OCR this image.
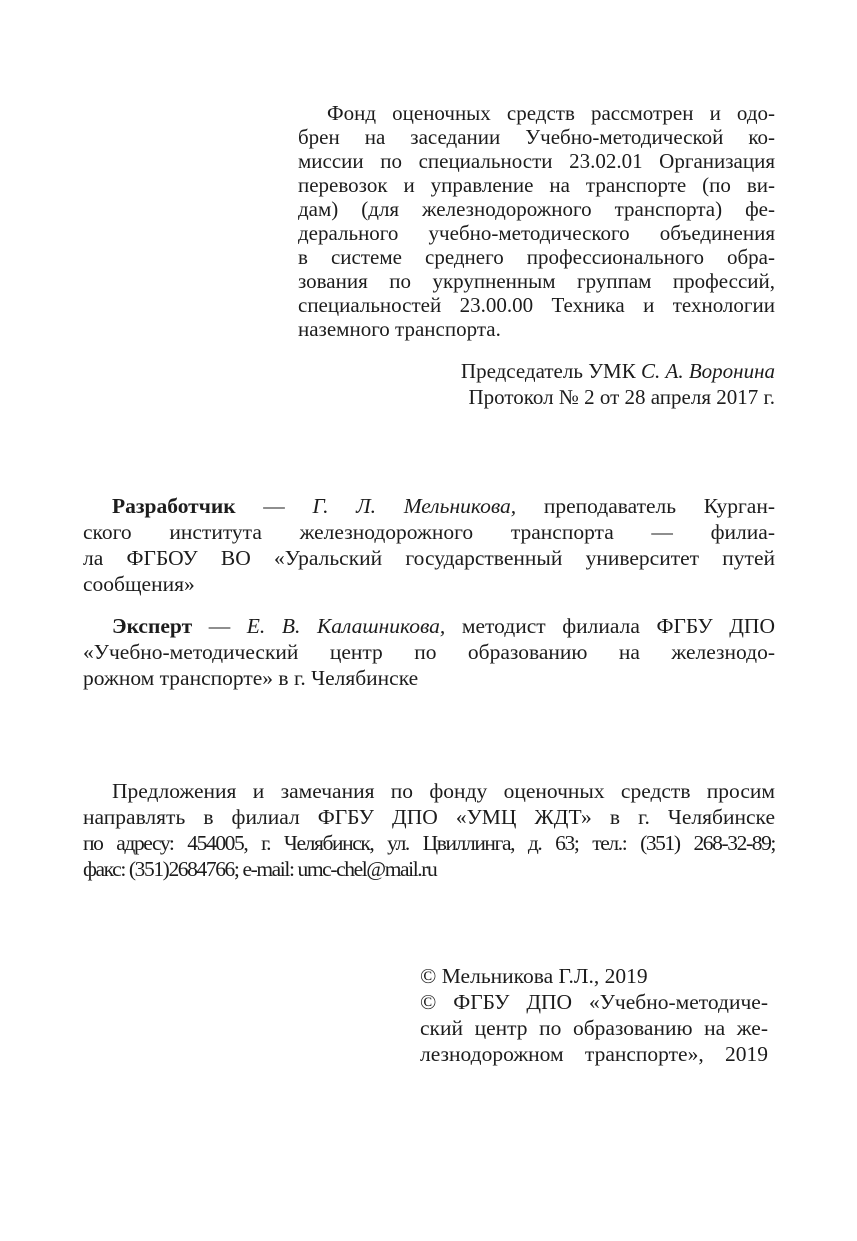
Фонд оценочных средств рассмотрен и одо-
брен на заседании Учебно-методической ко-
миссии по специальности 23.02.01 Организация
перевозок и управление на транспорте (по ви-
дам) (для железнодорожного транспорта) фе-
дерального учебно-методического объединения
в системе среднего профессионального обра-
зования по укрупненным группам профессий,
специальностей 23.00.00 Техника и технологии
наземного транспорта.
Председатель УМК С. А. Воронина
Протокол № 2 от 28 апреля 2017 г.
Разработчик — Г. Л. Мельникова, преподаватель Курган-
ского института железнодорожного транспорта — филиа-
ла ФГБОУ ВО «Уральский государственный университет путей
сообщения»
Эксперт — Е. В. Калашникова, методист филиала ФГБУ ДПО
«Учебно-методический центр по образованию на железнодо-
рожном транспорте» в г. Челябинске
Предложения и замечания по фонду оценочных средств просим
направлять в филиал ФГБУ ДПО «УМЦ ЖДТ» в г. Челябинске
по адресу: 454005, г. Челябинск, ул. Цвиллинга, д. 63; тел.: (351) 268-32-89;
факс: (351)2684766; e-mail: umc-chel@mail.ru
© Мельникова Г.Л., 2019
© ФГБУ ДПО «Учебно-методиче-
ский центр по образованию на же-
лезнодорожном транспорте», 2019
